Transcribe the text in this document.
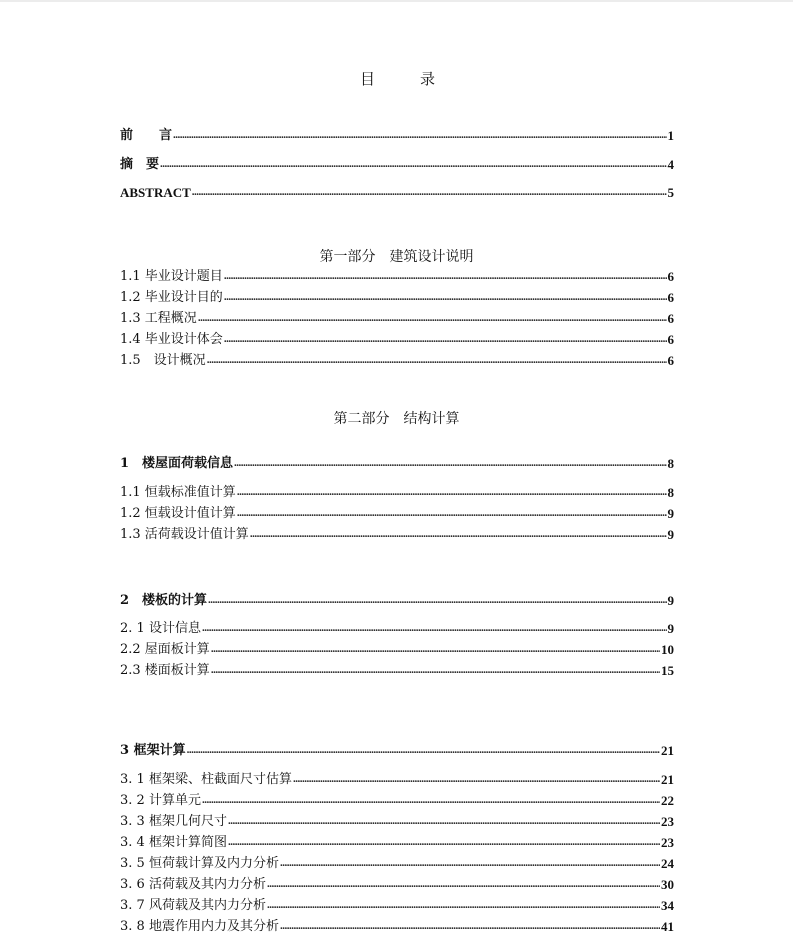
目	录
前　　言 .....	1
摘　要 .....	4
ABSTRACT .....	5
第一部分　建筑设计说明
1.1 毕业设计题目 .....	6
1.2 毕业设计目的 .....	6
1.3 工程概况 .....	6
1.4 毕业设计体会 .....	6
1.5　设计概况 .....	6
第二部分　结构计算
1　楼屋面荷载信息 .....	8
1.1 恒载标准值计算 .....	8
1.2 恒载设计值计算 .....	9
1.3 活荷载设计值计算 .....	9
2　楼板的计算 .....	9
2. 1 设计信息 .....	9
2.2 屋面板计算 .....	10
2.3 楼面板计算 .....	15
3 框架计算 .....	21
3. 1 框架梁、柱截面尺寸估算 .....	21
3. 2 计算单元 .....	22
3. 3 框架几何尺寸 .....	23
3. 4 框架计算简图 .....	23
3. 5 恒荷载计算及内力分析 .....	24
3. 6 活荷载及其内力分析 .....	30
3. 7 风荷载及其内力分析 .....	34
3. 8 地震作用内力及其分析 .....	41
